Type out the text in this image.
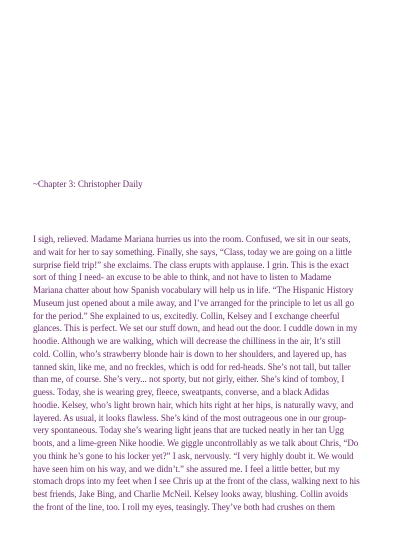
~Chapter 3: Christopher Daily

I sigh, relieved. Madame Mariana hurries us into the room. Confused, we sit in our seats,
and wait for her to say something. Finally, she says, “Class, today we are going on a little
surprise field trip!” she exclaims. The class erupts with applause. I grin. This is the exact
sort of thing I need- an excuse to be able to think, and not have to listen to Madame
Mariana chatter about how Spanish vocabulary will help us in life. “The Hispanic History
Museum just opened about a mile away, and I’ve arranged for the principle to let us all go
for the period.” She explained to us, excitedly. Collin, Kelsey and I exchange cheerful
glances. This is perfect. We set our stuff down, and head out the door. I cuddle down in my
hoodie. Although we are walking, which will decrease the chilliness in the air, It’s still
cold. Collin, who’s strawberry blonde hair is down to her shoulders, and layered up, has
tanned skin, like me, and no freckles, which is odd for red-heads. She’s not tall, but taller
than me, of course. She’s very... not sporty, but not girly, either. She’s kind of tomboy, I
guess. Today, she is wearing grey, fleece, sweatpants, converse, and a black Adidas
hoodie. Kelsey, who’s light brown hair, which hits right at her hips, is naturally wavy, and
layered. As usual, it looks flawless. She’s kind of the most outrageous one in our group-
very spontaneous. Today she’s wearing light jeans that are tucked neatly in her tan Ugg
boots, and a lime-green Nike hoodie. We giggle uncontrollably as we talk about Chris, “Do
you think he’s gone to his locker yet?” I ask, nervously. “I very highly doubt it. We would
have seen him on his way, and we didn’t.” she assured me. I feel a little better, but my
stomach drops into my feet when I see Chris up at the front of the class, walking next to his
best friends, Jake Bing, and Charlie McNeil. Kelsey looks away, blushing. Collin avoids
the front of the line, too. I roll my eyes, teasingly. They’ve both had crushes on them
